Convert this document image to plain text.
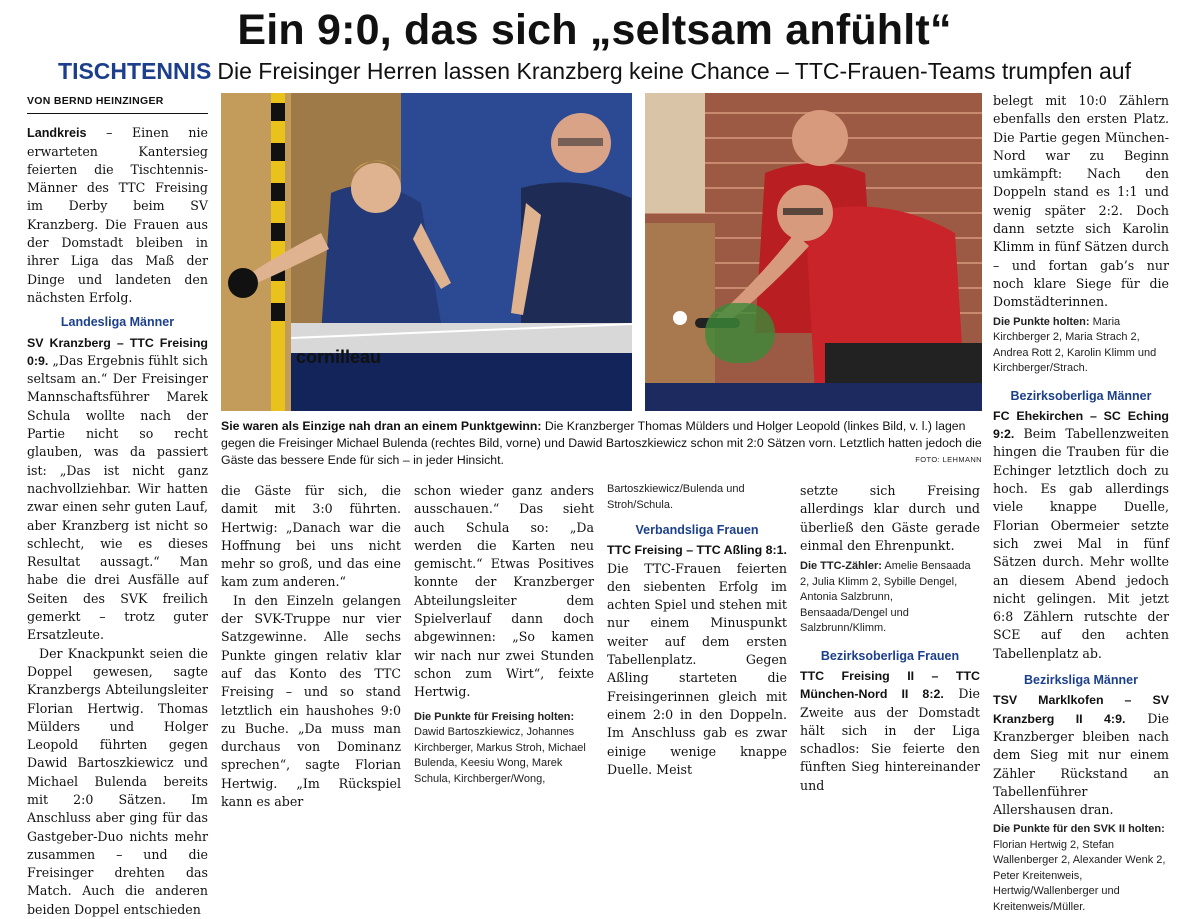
Ein 9:0, das sich „seltsam anfühlt“
TISCHTENNIS Die Freisinger Herren lassen Kranzberg keine Chance – TTC-Frauen-Teams trumpfen auf
VON BERND HEINZINGER

Landkreis – Einen nie erwarteten Kantersieg feierten die Tischtennis-Männer des TTC Freising im Derby beim SV Kranzberg. Die Frauen aus der Domstadt bleiben in ihrer Liga das Maß der Dinge und landeten den nächsten Erfolg.

Landesliga Männer

SV Kranzberg – TTC Freising 0:9. „Das Ergebnis fühlt sich seltsam an.“ Der Freisinger Mannschaftsführer Marek Schula wollte nach der Partie nicht so recht glauben, was da passiert ist: „Das ist nicht ganz nachvollziehbar. Wir hatten zwar einen sehr guten Lauf, aber Kranzberg ist nicht so schlecht, wie es dieses Resultat aussagt.“ Man habe die drei Ausfälle auf Seiten des SVK freilich gemerkt – trotz guter Ersatzleute.

Der Knackpunkt seien die Doppel gewesen, sagte Kranzbergs Abteilungsleiter Florian Hertwig. Thomas Mülders und Holger Leopold führten gegen Dawid Bartoszkiewicz und Michael Bulenda bereits mit 2:0 Sätzen. Im Anschluss aber ging für das Gastgeber-Duo nichts mehr zusammen – und die Freisinger drehten das Match. Auch die anderen beiden Doppel entschieden

cornilleau
Sie waren als Einzige nah dran an einem Punktgewinn: Die Kranzberger Thomas Mülders und Holger Leopold (linkes Bild, v. l.) lagen gegen die Freisinger Michael Bulenda (rechtes Bild, vorne) und Dawid Bartoszkiewicz schon mit 2:0 Sätzen vorn. Letztlich hatten jedoch die Gäste das bessere Ende für sich – in jeder Hinsicht.	FOTO: LEHMANN

die Gäste für sich, die damit mit 3:0 führten. Hertwig: „Danach war die Hoffnung bei uns nicht mehr so groß, und das eine kam zum anderen.“

In den Einzeln gelangen der SVK-Truppe nur vier Satzgewinne. Alle sechs Punkte gingen relativ klar auf das Konto des TTC Freising – und so stand letztlich ein haushohes 9:0 zu Buche. „Da muss man durchaus von Dominanz sprechen“, sagte Florian Hertwig. „Im Rückspiel kann es aber

schon wieder ganz anders ausschauen.“ Das sieht auch Schula so: „Da werden die Karten neu gemischt.“ Etwas Positives konnte der Kranzberger Abteilungsleiter dem Spielverlauf dann doch abgewinnen: „So kamen wir nach nur zwei Stunden schon zum Wirt“, feixte Hertwig.

Die Punkte für Freising holten: Dawid Bartoszkiewicz, Johannes Kirchberger, Markus Stroh, Michael Bulenda, Keesiu Wong, Marek Schula, Kirchberger/Wong,

Bartoszkiewicz/Bulenda und Stroh/Schula.

Verbandsliga Frauen

TTC Freising – TTC Aßling 8:1. Die TTC-Frauen feierten den siebenten Erfolg im achten Spiel und stehen mit nur einem Minuspunkt weiter auf dem ersten Tabellenplatz. Gegen Aßling starteten die Freisingerinnen gleich mit einem 2:0 in den Doppeln. Im Anschluss gab es zwar einige wenige knappe Duelle. Meist

setzte sich Freising allerdings klar durch und überließ den Gäste gerade einmal den Ehrenpunkt.

Die TTC-Zähler: Amelie Bensaada 2, Julia Klimm 2, Sybille Dengel, Antonia Salzbrunn, Bensaada/Dengel und Salzbrunn/Klimm.

Bezirksoberliga Frauen

TTC Freising II – TTC München-Nord II 8:2. Die Zweite aus der Domstadt hält sich in der Liga schadlos: Sie feierte den fünften Sieg hintereinander und

belegt mit 10:0 Zählern ebenfalls den ersten Platz. Die Partie gegen München-Nord war zu Beginn umkämpft: Nach den Doppeln stand es 1:1 und wenig später 2:2. Doch dann setzte sich Karolin Klimm in fünf Sätzen durch – und fortan gab’s nur noch klare Siege für die Domstädterinnen.

Die Punkte holten: Maria Kirchberger 2, Maria Strach 2, Andrea Rott 2, Karolin Klimm und Kirchberger/Strach.

Bezirksoberliga Männer

FC Ehekirchen – SC Eching 9:2. Beim Tabellenzweiten hingen die Trauben für die Echinger letztlich doch zu hoch. Es gab allerdings viele knappe Duelle, Florian Obermeier setzte sich zwei Mal in fünf Sätzen durch. Mehr wollte an diesem Abend jedoch nicht gelingen. Mit jetzt 6:8 Zählern rutschte der SCE auf den achten Tabellenplatz ab.

Bezirksliga Männer

TSV Marklkofen – SV Kranzberg II 4:9. Die Kranzberger bleiben nach dem Sieg mit nur einem Zähler Rückstand an Tabellenführer Allershausen dran.

Die Punkte für den SVK II holten: Florian Hertwig 2, Stefan Wallenberger 2, Alexander Wenk 2, Peter Kreitenweis, Hertwig/Wallenberger und Kreitenweis/Müller.
